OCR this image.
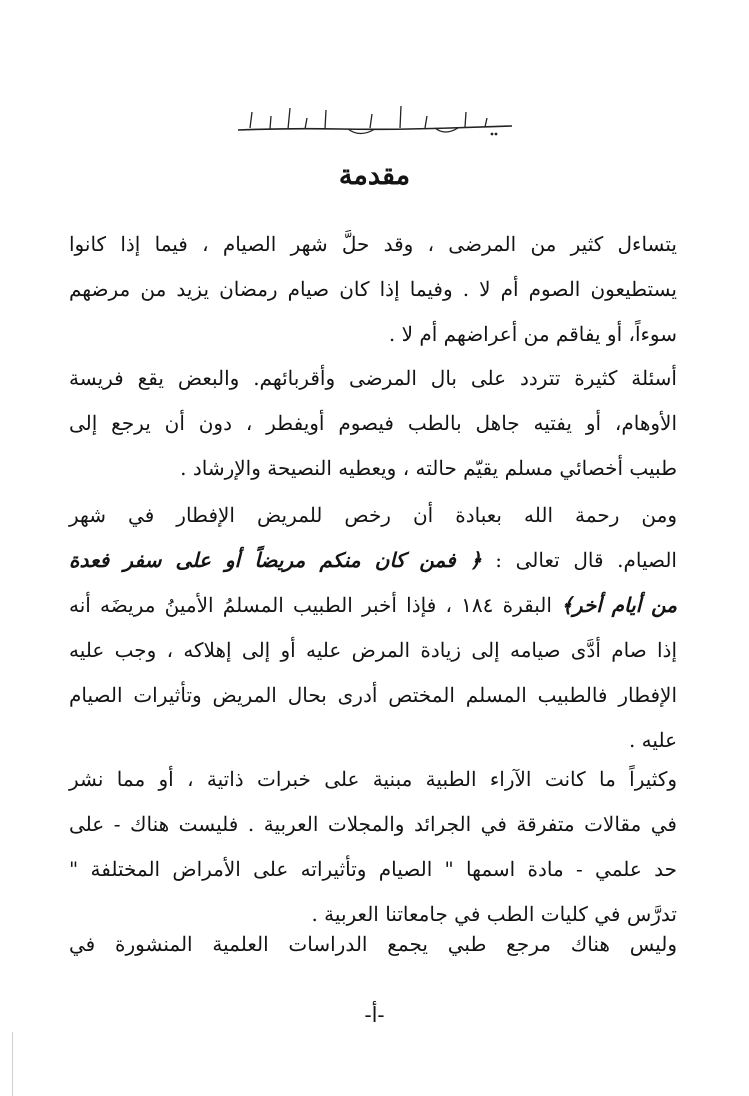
مقدمة
يتساءل كثير من المرضى ، وقد حلَّ شهر الصيام ، فيما إذا كانوا
يستطيعون الصوم أم لا . وفيما إذا كان صيام رمضان يزيد من مرضهم
سوءاً، أو يفاقم من أعراضهم أم لا .
أسئلة كثيرة تتردد على بال المرضى وأقربائهم. والبعض يقع فريسة
الأوهام، أو يفتيه جاهل بالطب فيصوم أويفطر ، دون أن يرجع إلى
طبيب أخصائي مسلم يقيّم حالته ، ويعطيه النصيحة والإرشاد .
ومن رحمة الله بعبادة أن رخص للمريض الإفطار في شهر
الصيام. قال تعالى : ﴿ فمن كان منكم مريضاً أو على سفر فعدة
من أيام أخر﴾ البقرة ١٨٤ ، فإذا أخبر الطبيب المسلمُ الأمينُ مريضَه أنه
إذا صام أدَّى صيامه إلى زيادة المرض عليه أو إلى إهلاكه ، وجب عليه
الإفطار فالطبيب المسلم المختص أدرى بحال المريض وتأثيرات الصيام
عليه .
وكثيراً ما كانت الآراء الطبية مبنية على خبرات ذاتية ، أو مما نشر
في مقالات متفرقة في الجرائد والمجلات العربية . فليست هناك - على
حد علمي - مادة اسمها " الصيام وتأثيراته على الأمراض المختلفة "
تدرَّس في كليات الطب في جامعاتنا العربية .
وليس هناك مرجع طبي يجمع الدراسات العلمية المنشورة في
-أ-
